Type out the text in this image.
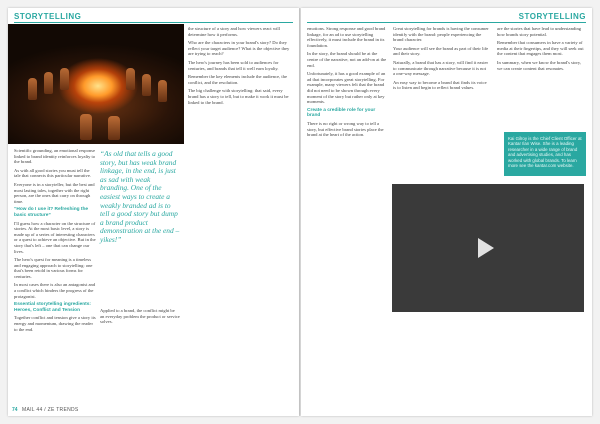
STORYTELLING

Scientific grounding, an emotional response linked to brand identity reinforces loyalty to the brand.

As with all good stories you must tell the tale that connects this particular narrative.

Everyone is in a storyteller, but the best and most lasting tales, together with the right person, are the ones that carry on through time.

“How do I use it? Refreshing the basic structure”

I'll guess how a character on the structure of stories. At the most basic level, a story is made up of a series of interesting characters or a quest to achieve an objective. But in the story that's left – one that can change our lives.

The hero's quest for meaning is a timeless and engaging approach to storytelling: one that's been retold in various forms for centuries.

In most cases there is also an antagonist and a conflict which hinders the progress of the protagonist.

Essential storytelling ingredients: Heroes, Conflict and Tension

Together conflict and tension give a story its energy and momentum, drawing the reader to the end.

“As old that tells a good story, but has weak brand linkage, in the end, is just as sad with weak branding. One of the easiest ways to create a weakly branded ad is to tell a good story but dump a brand product demonstration at the end – yikes!”

Applied to a brand, the conflict might be an everyday problem the product or service solves.

the structure of a story and how viewers react will determine how it performs.

Who are the characters in your brand's story? Do they reflect your target audience? What is the objective they are trying to reach?

The hero's journey has been sold to audiences for centuries, and brands that tell it well earn loyalty.

Remember the key elements include the audience, the conflict, and the resolution.

The big challenge with storytelling: that said, every brand has a story to tell, but to make it work it must be linked to the brand.

74 MAIL 44 / ZE TRENDS
STORYTELLING

emotions. Strong response and good brand linkage, for an ad to use storytelling effectively, it must include the brand in its foundation.

In the story, the brand should be at the centre of the narrative, not an add-on at the end.

Unfortunately, it has a good example of an ad that incorporates great storytelling. For example, many viewers felt that the brand did not need to be shown through every moment of the story but rather only at key moments.

Create a credible role for your brand

There is no right or wrong way to tell a story, but effective brand stories place the brand at the heart of the action.

Great storytelling for brands is having the consumer identify with the brand: people experiencing the brand character.

Your audience will see the brand as part of their life and their story.

Naturally, a brand that has a story, will find it easier to communicate through narrative because it is not a one-way message.

An easy way to become a brand that finds its voice is to listen and begin to reflect brand values.

are the stories that have lead to understanding how brands story potential.

Remember that consumers in have a variety of media at their fingertips, and they will seek out the content that engages them most.

In summary, when we know the brand's story, we can create content that resonates.

Kai Gilroy is the Chief Client Officer at Kantar Ilan Wise. She is a leading researcher in a wide range of brand and advertising studies, and has worked with global brands. To learn more see the kantar.com website.
